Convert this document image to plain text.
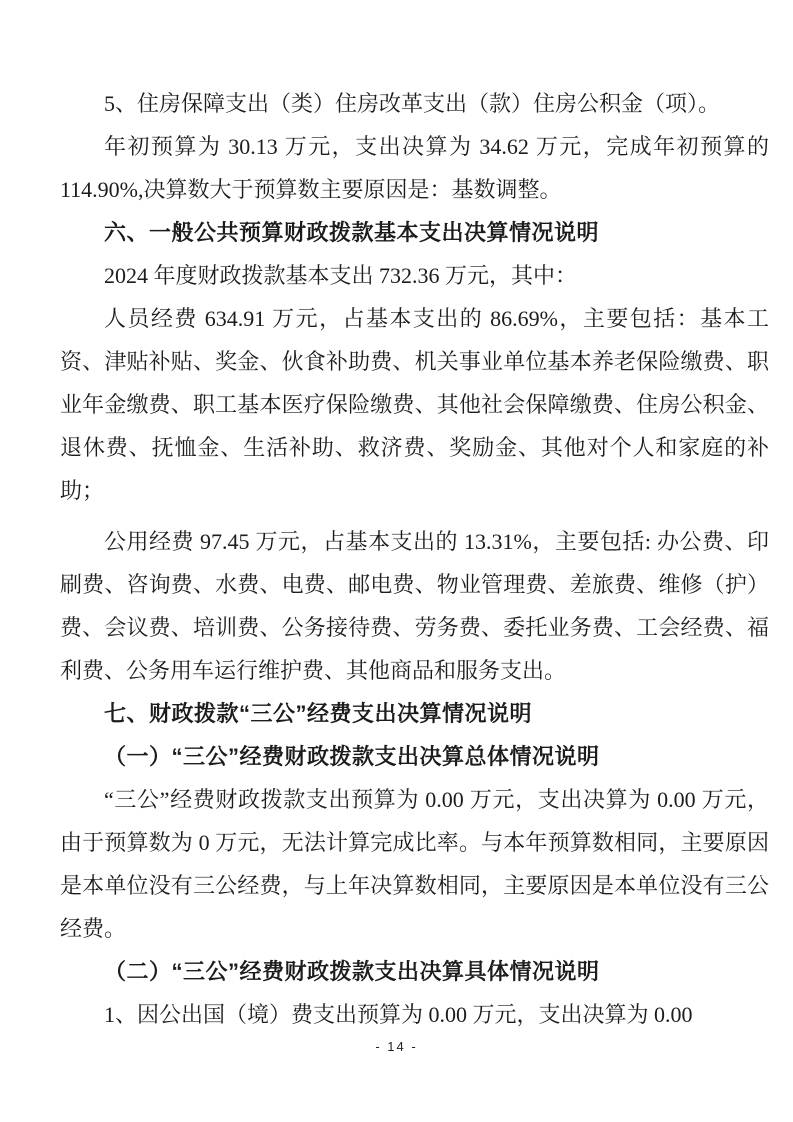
5、住房保障支出（类）住房改革支出（款）住房公积金（项）。

年初预算为 30.13 万元，支出决算为 34.62 万元，完成年初预算的 114.90%,决算数大于预算数主要原因是：基数调整。

六、一般公共预算财政拨款基本支出决算情况说明

2024 年度财政拨款基本支出 732.36 万元，其中：

人员经费 634.91 万元，占基本支出的 86.69%，主要包括：基本工资、津贴补贴、奖金、伙食补助费、机关事业单位基本养老保险缴费、职业年金缴费、职工基本医疗保险缴费、其他社会保障缴费、住房公积金、退休费、抚恤金、生活补助、救济费、奖励金、其他对个人和家庭的补助；

公用经费 97.45 万元，占基本支出的 13.31%，主要包括: 办公费、印刷费、咨询费、水费、电费、邮电费、物业管理费、差旅费、维修（护）费、会议费、培训费、公务接待费、劳务费、委托业务费、工会经费、福利费、公务用车运行维护费、其他商品和服务支出。

七、财政拨款“三公”经费支出决算情况说明

（一）“三公”经费财政拨款支出决算总体情况说明

“三公”经费财政拨款支出预算为 0.00 万元，支出决算为 0.00 万元，由于预算数为 0 万元，无法计算完成比率。与本年预算数相同，主要原因是本单位没有三公经费，与上年决算数相同，主要原因是本单位没有三公经费。

（二）“三公”经费财政拨款支出决算具体情况说明

1、因公出国（境）费支出预算为 0.00 万元，支出决算为 0.00

- 14 -
